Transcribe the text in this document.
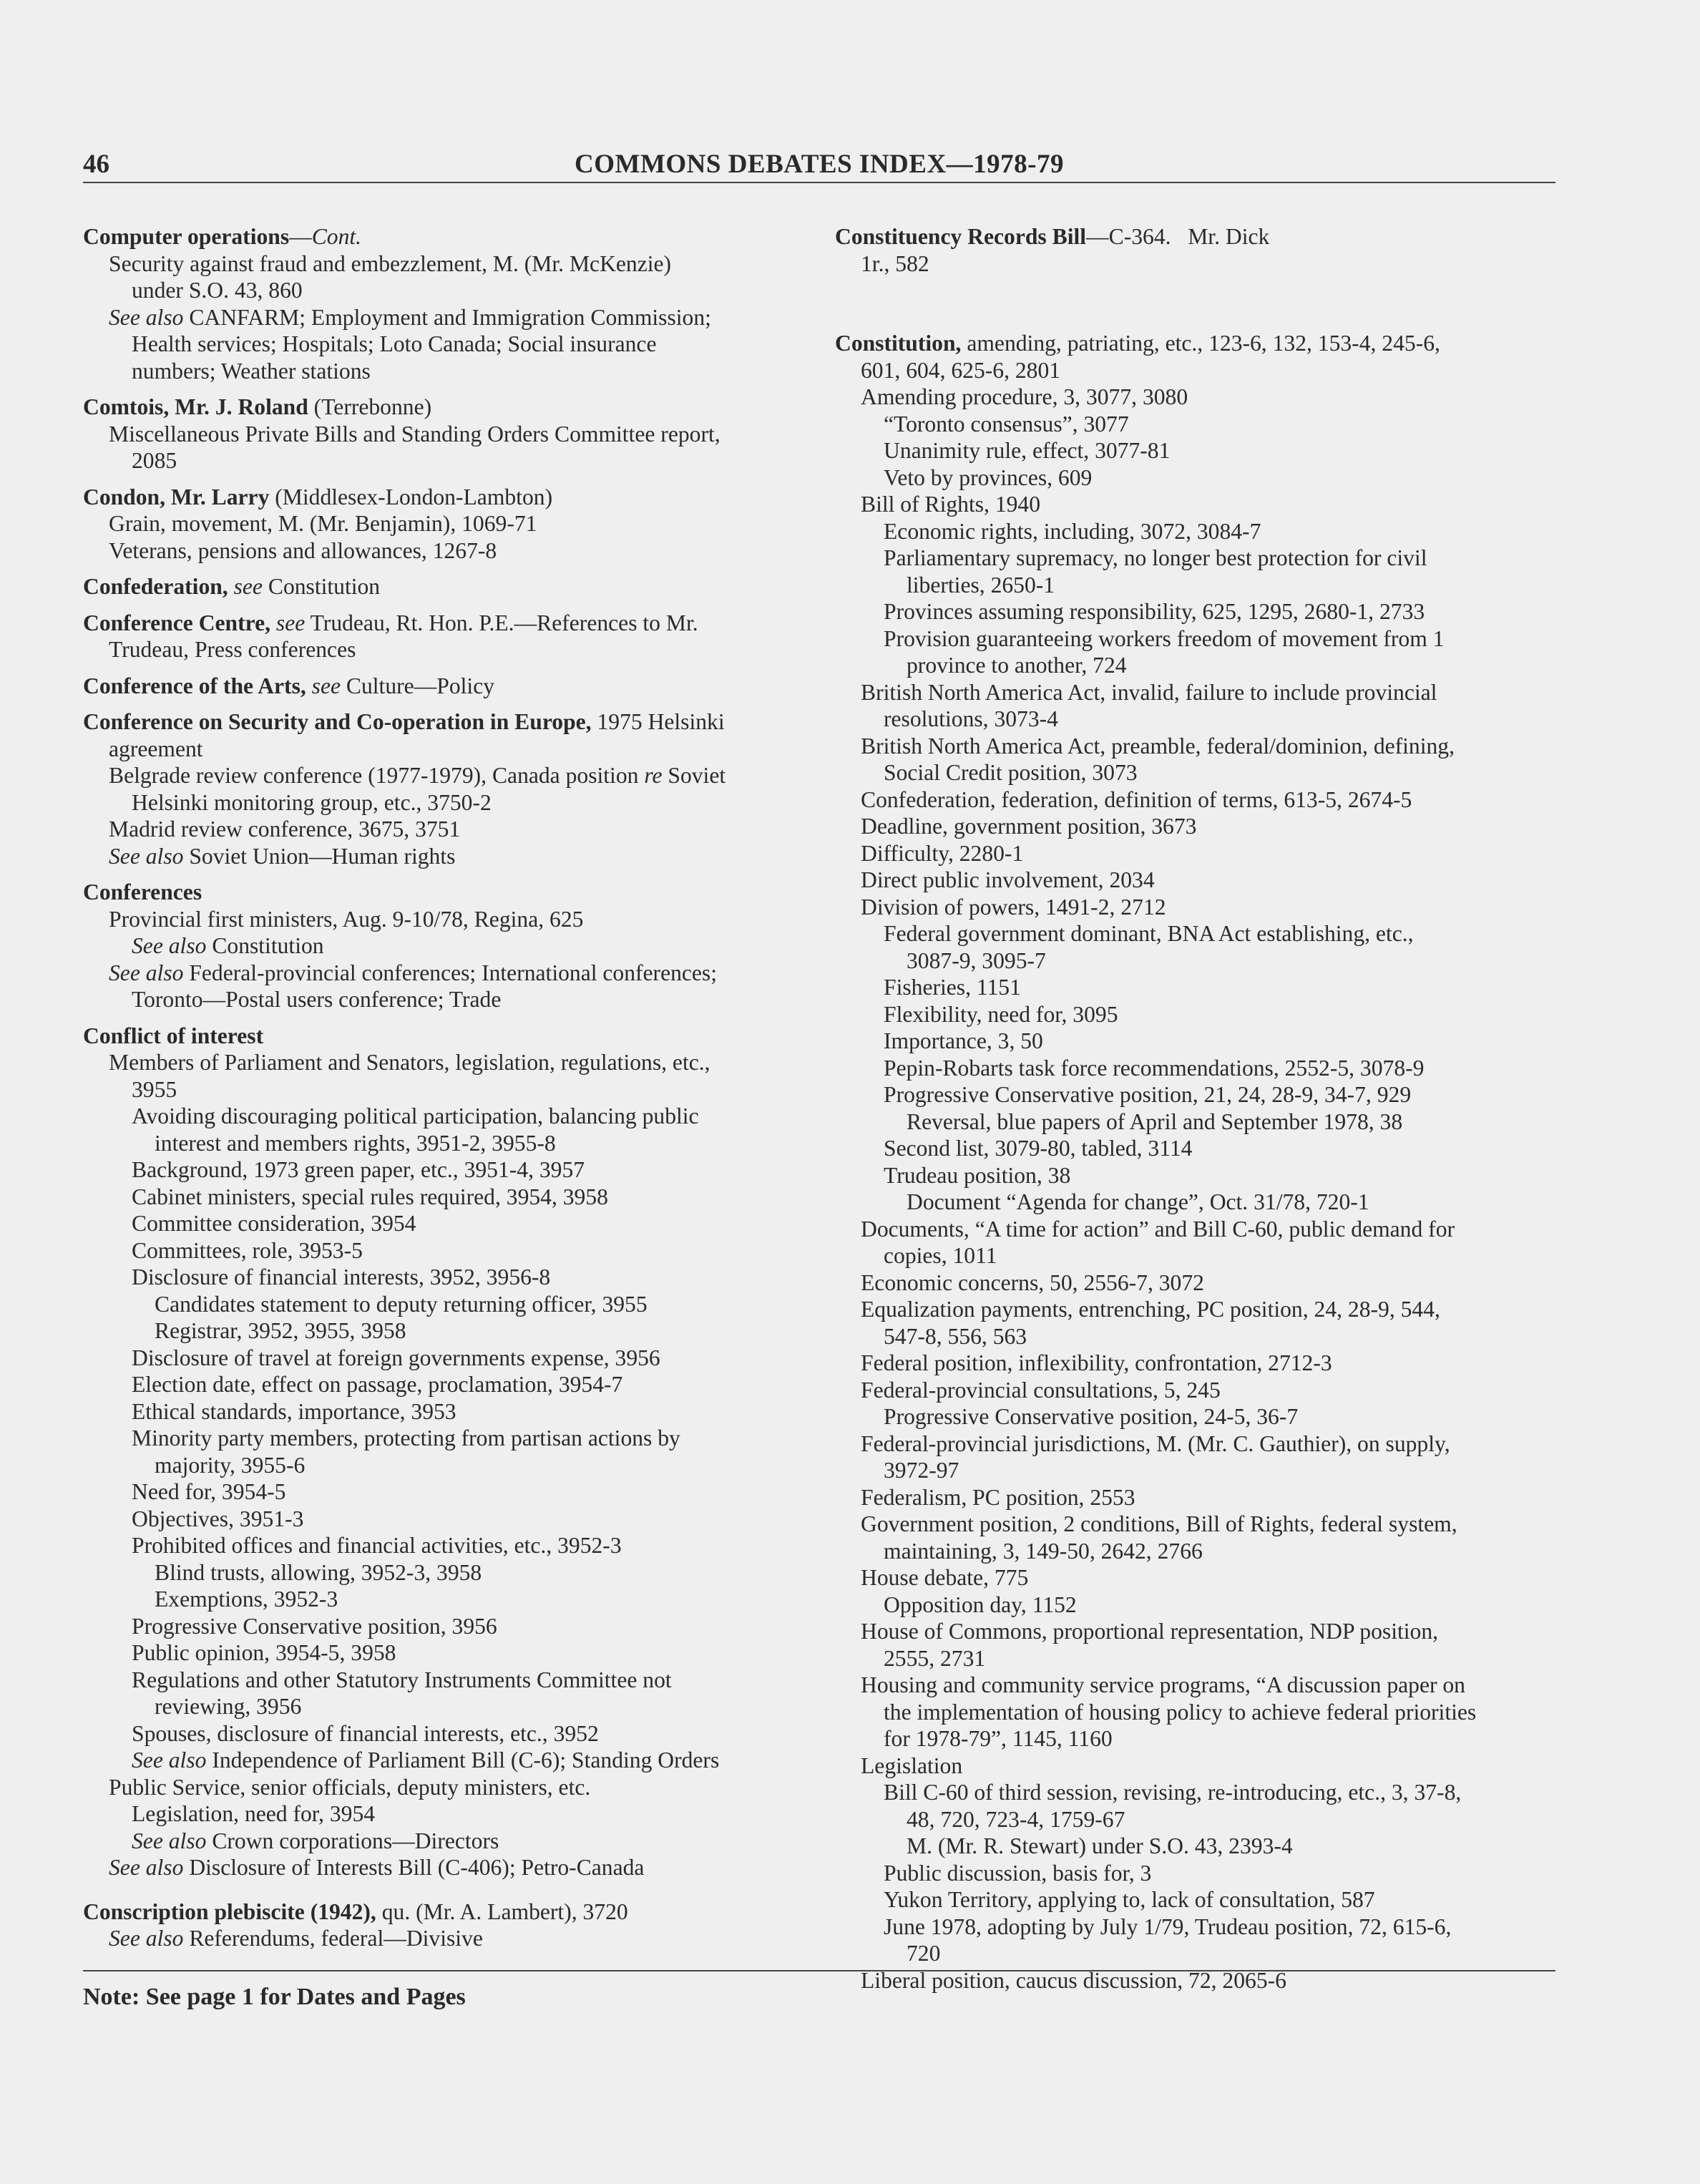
46	COMMONS DEBATES INDEX—1978-79
Computer operations—Cont.
Security against fraud and embezzlement, M. (Mr. McKenzie)
under S.O. 43, 860
See also CANFARM; Employment and Immigration Commission;
Health services; Hospitals; Loto Canada; Social insurance
numbers; Weather stations
Comtois, Mr. J. Roland (Terrebonne)
Miscellaneous Private Bills and Standing Orders Committee report,
2085
Condon, Mr. Larry (Middlesex-London-Lambton)
Grain, movement, M. (Mr. Benjamin), 1069-71
Veterans, pensions and allowances, 1267-8
Confederation, see Constitution
Conference Centre, see Trudeau, Rt. Hon. P.E.—References to Mr.
Trudeau, Press conferences
Conference of the Arts, see Culture—Policy
Conference on Security and Co-operation in Europe, 1975 Helsinki
agreement
Belgrade review conference (1977-1979), Canada position re Soviet
Helsinki monitoring group, etc., 3750-2
Madrid review conference, 3675, 3751
See also Soviet Union—Human rights
Conferences
Provincial first ministers, Aug. 9-10/78, Regina, 625
See also Constitution
See also Federal-provincial conferences; International conferences;
Toronto—Postal users conference; Trade
Conflict of interest
Members of Parliament and Senators, legislation, regulations, etc.,
3955
Avoiding discouraging political participation, balancing public
interest and members rights, 3951-2, 3955-8
Background, 1973 green paper, etc., 3951-4, 3957
Cabinet ministers, special rules required, 3954, 3958
Committee consideration, 3954
Committees, role, 3953-5
Disclosure of financial interests, 3952, 3956-8
Candidates statement to deputy returning officer, 3955
Registrar, 3952, 3955, 3958
Disclosure of travel at foreign governments expense, 3956
Election date, effect on passage, proclamation, 3954-7
Ethical standards, importance, 3953
Minority party members, protecting from partisan actions by
majority, 3955-6
Need for, 3954-5
Objectives, 3951-3
Prohibited offices and financial activities, etc., 3952-3
Blind trusts, allowing, 3952-3, 3958
Exemptions, 3952-3
Progressive Conservative position, 3956
Public opinion, 3954-5, 3958
Regulations and other Statutory Instruments Committee not
reviewing, 3956
Spouses, disclosure of financial interests, etc., 3952
See also Independence of Parliament Bill (C-6); Standing Orders
Public Service, senior officials, deputy ministers, etc.
Legislation, need for, 3954
See also Crown corporations—Directors
See also Disclosure of Interests Bill (C-406); Petro-Canada
Conscription plebiscite (1942), qu. (Mr. A. Lambert), 3720
See also Referendums, federal—Divisive
Constituency Records Bill—C-364.   Mr. Dick
1r., 582
Constitution, amending, patriating, etc., 123-6, 132, 153-4, 245-6,
601, 604, 625-6, 2801
Amending procedure, 3, 3077, 3080
“Toronto consensus”, 3077
Unanimity rule, effect, 3077-81
Veto by provinces, 609
Bill of Rights, 1940
Economic rights, including, 3072, 3084-7
Parliamentary supremacy, no longer best protection for civil
liberties, 2650-1
Provinces assuming responsibility, 625, 1295, 2680-1, 2733
Provision guaranteeing workers freedom of movement from 1
province to another, 724
British North America Act, invalid, failure to include provincial
resolutions, 3073-4
British North America Act, preamble, federal/dominion, defining,
Social Credit position, 3073
Confederation, federation, definition of terms, 613-5, 2674-5
Deadline, government position, 3673
Difficulty, 2280-1
Direct public involvement, 2034
Division of powers, 1491-2, 2712
Federal government dominant, BNA Act establishing, etc.,
3087-9, 3095-7
Fisheries, 1151
Flexibility, need for, 3095
Importance, 3, 50
Pepin-Robarts task force recommendations, 2552-5, 3078-9
Progressive Conservative position, 21, 24, 28-9, 34-7, 929
Reversal, blue papers of April and September 1978, 38
Second list, 3079-80, tabled, 3114
Trudeau position, 38
Document “Agenda for change”, Oct. 31/78, 720-1
Documents, “A time for action” and Bill C-60, public demand for
copies, 1011
Economic concerns, 50, 2556-7, 3072
Equalization payments, entrenching, PC position, 24, 28-9, 544,
547-8, 556, 563
Federal position, inflexibility, confrontation, 2712-3
Federal-provincial consultations, 5, 245
Progressive Conservative position, 24-5, 36-7
Federal-provincial jurisdictions, M. (Mr. C. Gauthier), on supply,
3972-97
Federalism, PC position, 2553
Government position, 2 conditions, Bill of Rights, federal system,
maintaining, 3, 149-50, 2642, 2766
House debate, 775
Opposition day, 1152
House of Commons, proportional representation, NDP position,
2555, 2731
Housing and community service programs, “A discussion paper on
the implementation of housing policy to achieve federal priorities
for 1978-79”, 1145, 1160
Legislation
Bill C-60 of third session, revising, re-introducing, etc., 3, 37-8,
48, 720, 723-4, 1759-67
M. (Mr. R. Stewart) under S.O. 43, 2393-4
Public discussion, basis for, 3
Yukon Territory, applying to, lack of consultation, 587
June 1978, adopting by July 1/79, Trudeau position, 72, 615-6,
720
Liberal position, caucus discussion, 72, 2065-6
Note: See page 1 for Dates and Pages
